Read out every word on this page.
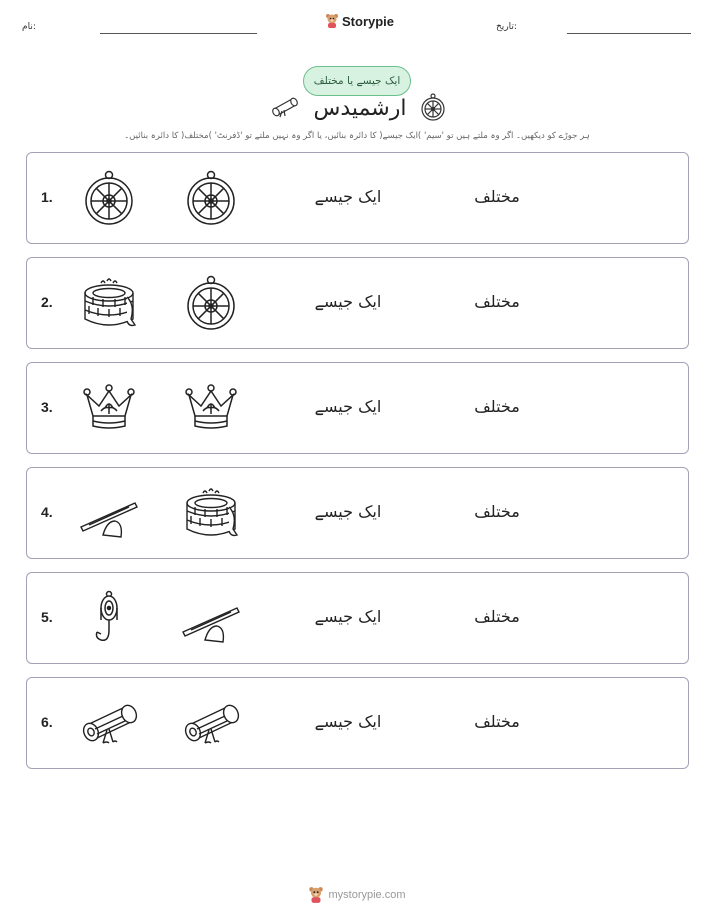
نام:	Storypie	تاریخ:
ایک جیسے یا مختلف
ارشمیدس
ہر جوڑے کو دیکھیں۔ اگر وہ ملتے ہیں تو 'سیم' )ایک جیسے( کا دائرہ بنائیں، یا اگر وہ نہیں ملتے تو 'ڈفرنٹ' )مختلف( کا دائرہ بنائیں۔
1.	ایک جیسے	مختلف
2.	ایک جیسے	مختلف
3.	ایک جیسے	مختلف
4.	ایک جیسے	مختلف
5.	ایک جیسے	مختلف
6.	ایک جیسے	مختلف
mystorypie.com
